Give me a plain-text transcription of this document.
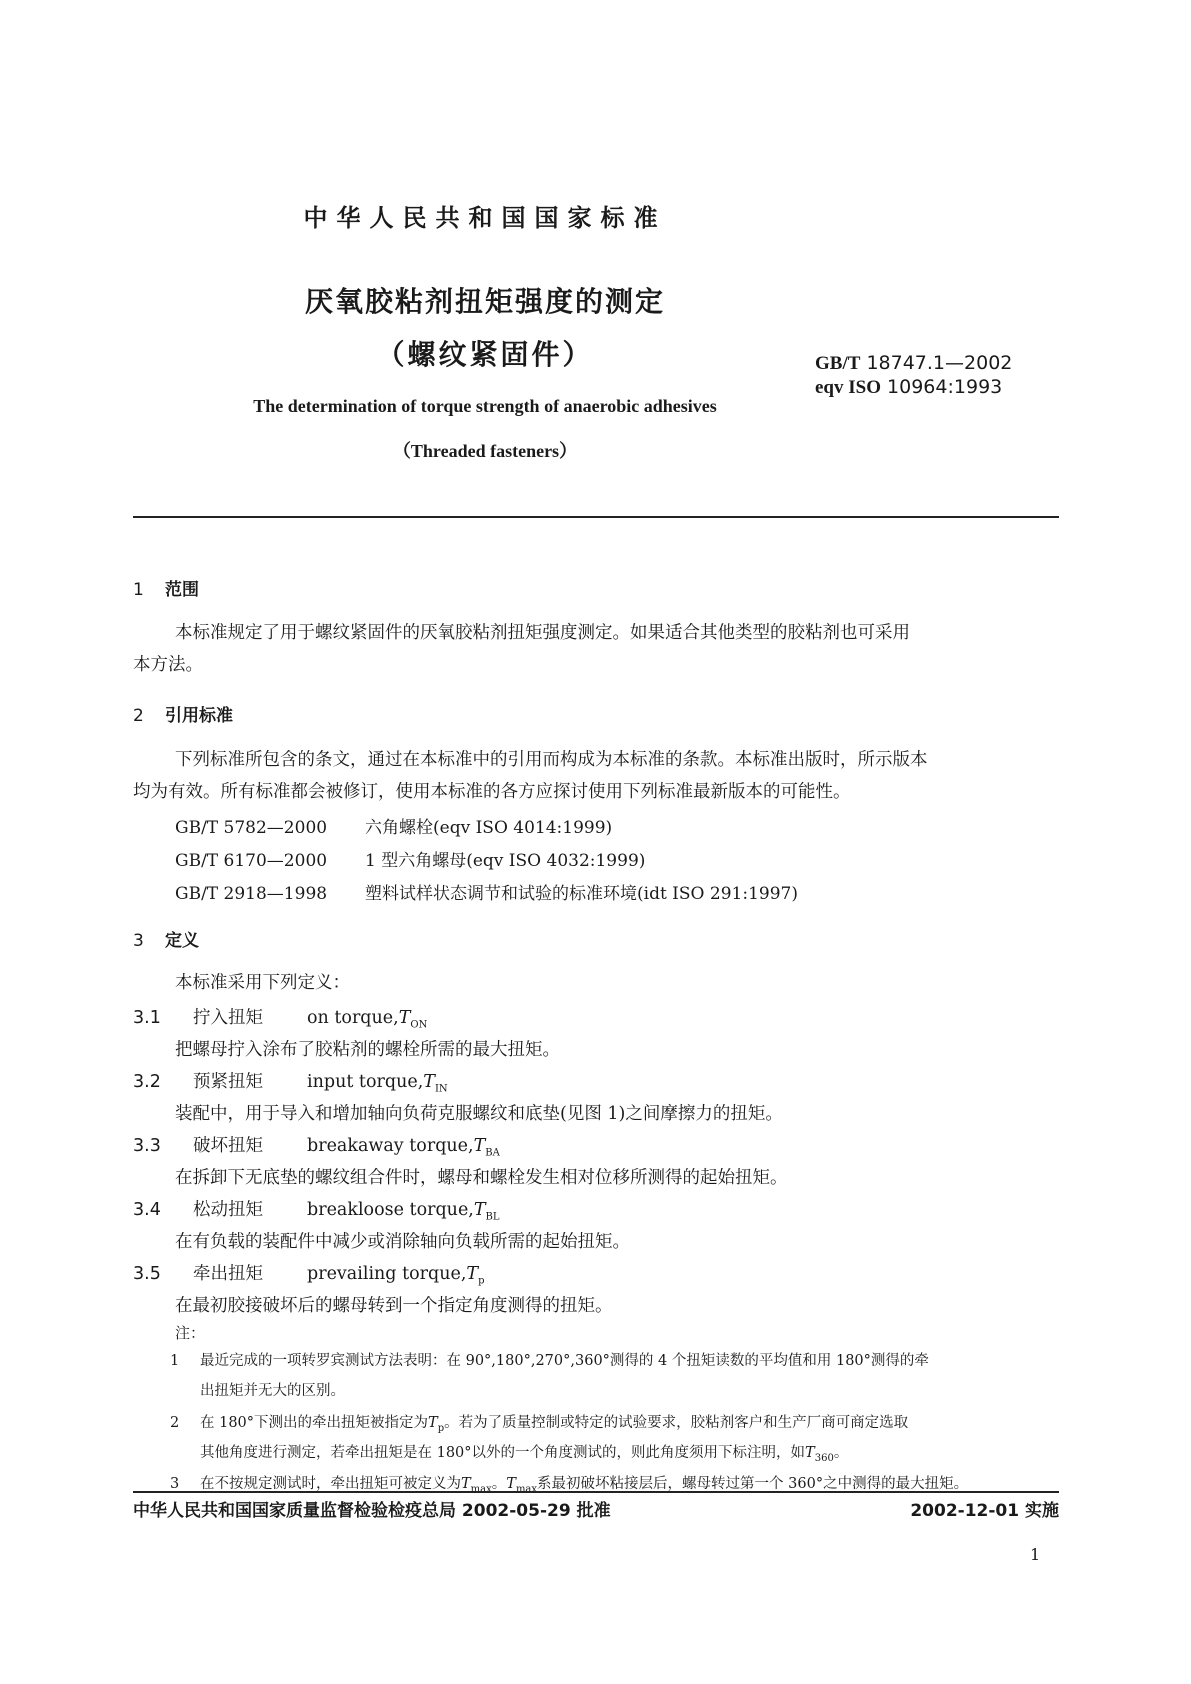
中华人民共和国国家标准
厌氧胶粘剂扭矩强度的测定
（螺纹紧固件）	GB/T 18747.1—2002
eqv ISO 10964:1993
The determination of torque strength of anaerobic adhesives
（Threaded fasteners）
1 范围
本标准规定了用于螺纹紧固件的厌氧胶粘剂扭矩强度测定。如果适合其他类型的胶粘剂也可采用
本方法。
2 引用标准
下列标准所包含的条文，通过在本标准中的引用而构成为本标准的条款。本标准出版时，所示版本
均为有效。所有标准都会被修订，使用本标准的各方应探讨使用下列标准最新版本的可能性。
GB/T 5782—2000 六角螺栓(eqv ISO 4014:1999)
GB/T 6170—2000 1 型六角螺母(eqv ISO 4032:1999)
GB/T 2918—1998 塑料试样状态调节和试验的标准环境(idt ISO 291:1997)
3 定义
本标准采用下列定义：
3.1 拧入扭矩	on $torque,T_{ON}$
把螺母拧入涂布了胶粘剂的螺栓所需的最大扭矩。
3.2 预紧扭矩	input $torque,T_{IN}$
装配中，用于导入和增加轴向负荷克服螺纹和底垫(见图 1)之间摩擦力的扭矩。
3.3 破坏扭矩	breakaway $torque,T_{BA}$
在拆卸下无底垫的螺纹组合件时，螺母和螺栓发生相对位移所测得的起始扭矩。
3.4 松动扭矩	breakloose $torque,T_{BL}$
在有负载的装配件中减少或消除轴向负载所需的起始扭矩。
3.5 牵出扭矩	prevailing $torque,T_p$
在最初胶接破坏后的螺母转到一个指定角度测得的扭矩。
注：
1 最近完成的一项转罗宾测试方法表明：在 90°,180°,270°,360°测得的 4 个扭矩读数的平均值和用 180°测得的牵
出扭矩并无大的区别。
2 在 180°下测出的牵出扭矩被指定为$T_p$。若为了质量控制或特定的试验要求，胶粘剂客户和生产厂商可商定选取
其他角度进行测定，若牵出扭矩是在 180°以外的一个角度测试的，则此角度须用下标注明，如$T_{360}$。
3 在不按规定测试时，牵出扭矩可被定义为$T_{max}$。$T_{max}$系最初破坏粘接层后，螺母转过第一个 360°之中测得的最大扭矩。
中华人民共和国国家质量监督检验检疫总局 2002-05-29 批准	2002-12-01 实施
1
